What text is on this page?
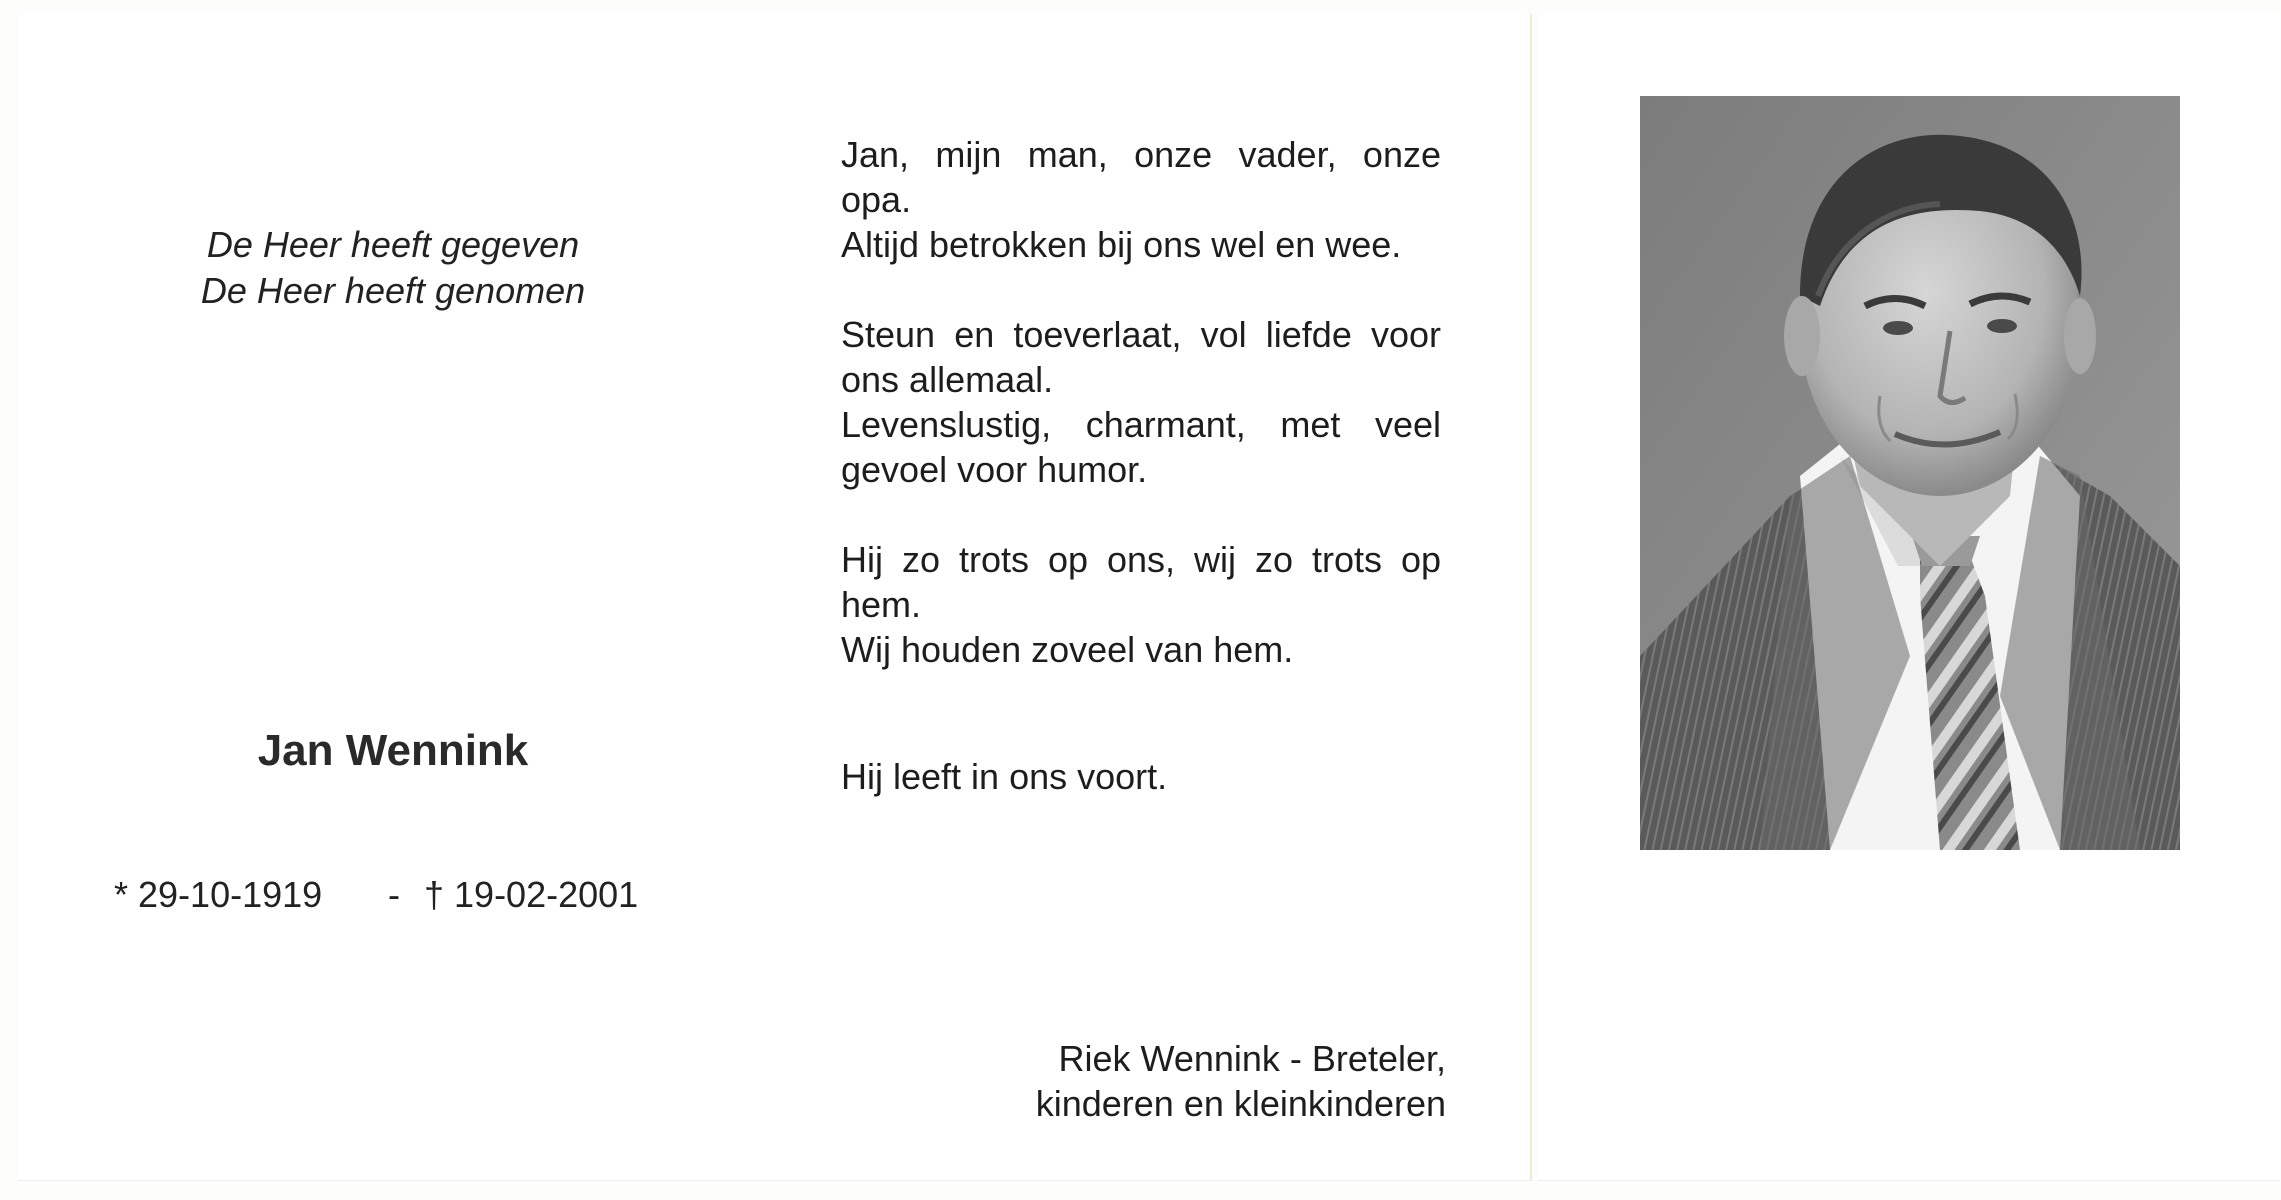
De Heer heeft gegeven
De Heer heeft genomen
Jan Wennink
* 29-10-1919 - † 19-02-2001
Jan, mijn man, onze vader, onze
opa.
Altijd betrokken bij ons wel en wee.
Steun en toeverlaat, vol liefde voor
ons allemaal.
Levenslustig, charmant, met veel
gevoel voor humor.
Hij zo trots op ons, wij zo trots op
hem.
Wij houden zoveel van hem.
Hij leeft in ons voort.
Riek Wennink - Breteler,
kinderen en kleinkinderen
